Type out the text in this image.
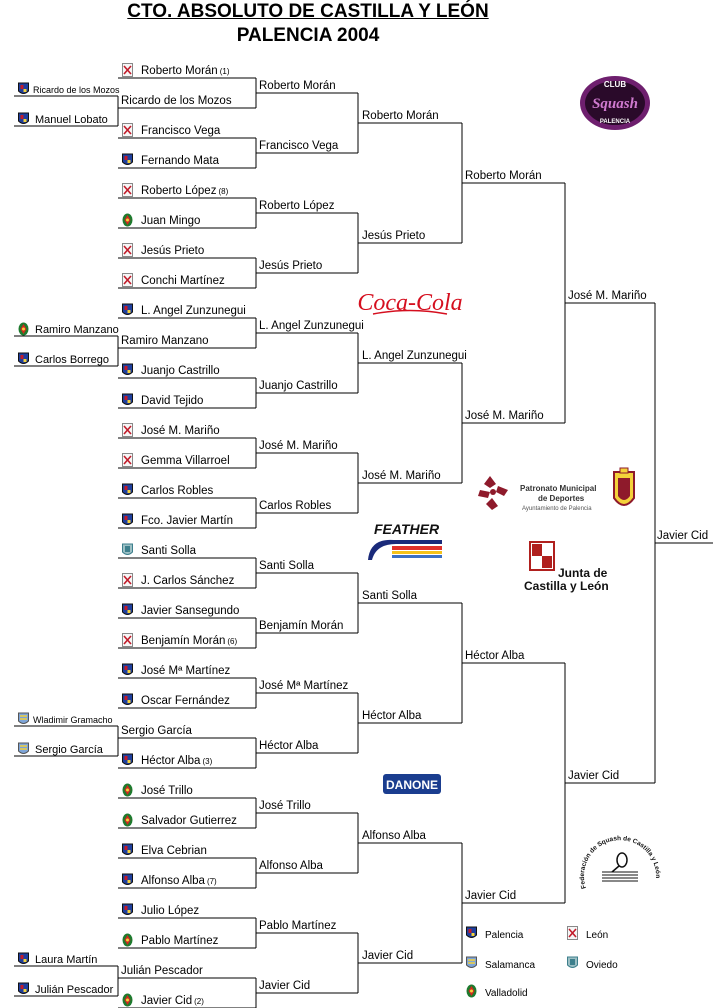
CTO. ABSOLUTO DE CASTILLA Y LEÓN
PALENCIA 2004
Roberto Morán (1)
Ricardo de los Mozos
Francisco Vega
Fernando Mata
Roberto López (8)
Juan Mingo
Jesús Prieto
Conchi Martínez
L. Angel Zunzunegui
Ramiro Manzano
Juanjo Castrillo
David Tejido
José M. Mariño
Gemma Villarroel
Carlos Robles
Fco. Javier Martín
Santi Solla
J. Carlos Sánchez
Javier Sansegundo
Benjamín Morán (6)
José Mª Martínez
Oscar Fernández
Sergio García
Héctor Alba (3)
José Trillo
Salvador Gutierrez
Elva Cebrian
Alfonso Alba (7)
Julio López
Pablo Martínez
Julián Pescador
Javier Cid (2)
Roberto Morán
Francisco Vega
Roberto López
Jesús Prieto
L. Angel Zunzunegui
Juanjo Castrillo
José M. Mariño
Carlos Robles
Santi Solla
Benjamín Morán
José Mª Martínez
Héctor Alba
José Trillo
Alfonso Alba
Pablo Martínez
Javier Cid
Roberto Morán
Jesús Prieto
L. Angel Zunzunegui
José M. Mariño
Santi Solla
Héctor Alba
Alfonso Alba
Javier Cid
Roberto Morán
José M. Mariño
Héctor Alba
Javier Cid
José M. Mariño
Javier Cid
Javier Cid
Ricardo de los Mozos
Manuel Lobato
Ramiro Manzano
Carlos Borrego
Wladimir Gramacho
Sergio García
Laura Martín
Julián Pescador
CLUB
Squash
PALENCIA
Coca-Cola
Patronato Municipal
de Deportes
Ayuntamiento de Palencia
FEATHER
Junta de
Castilla y León
DANONE
Federación de Squash de Castilla y León
Palencia	León
Salamanca	Oviedo
Valladolid
